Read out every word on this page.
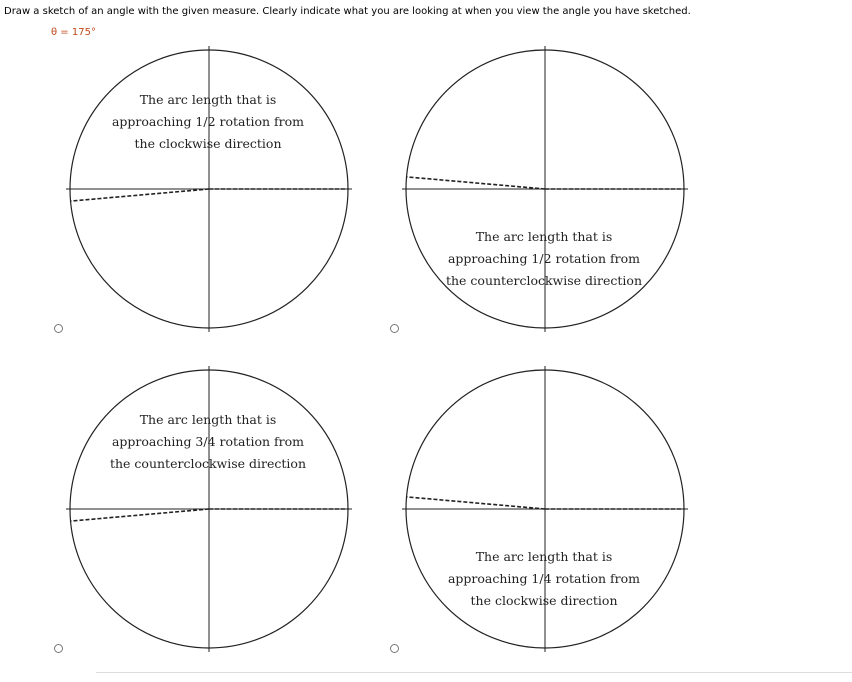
Draw a sketch of an angle with the given measure. Clearly indicate what you are looking at when you view the angle you have sketched.
θ = 175°
The arc length that is
approaching 1/2 rotation from
the clockwise direction
The arc length that is
approaching 1/2 rotation from
the counterclockwise direction
The arc length that is
approaching 3/4 rotation from
the counterclockwise direction
The arc length that is
approaching 1/4 rotation from
the clockwise direction
